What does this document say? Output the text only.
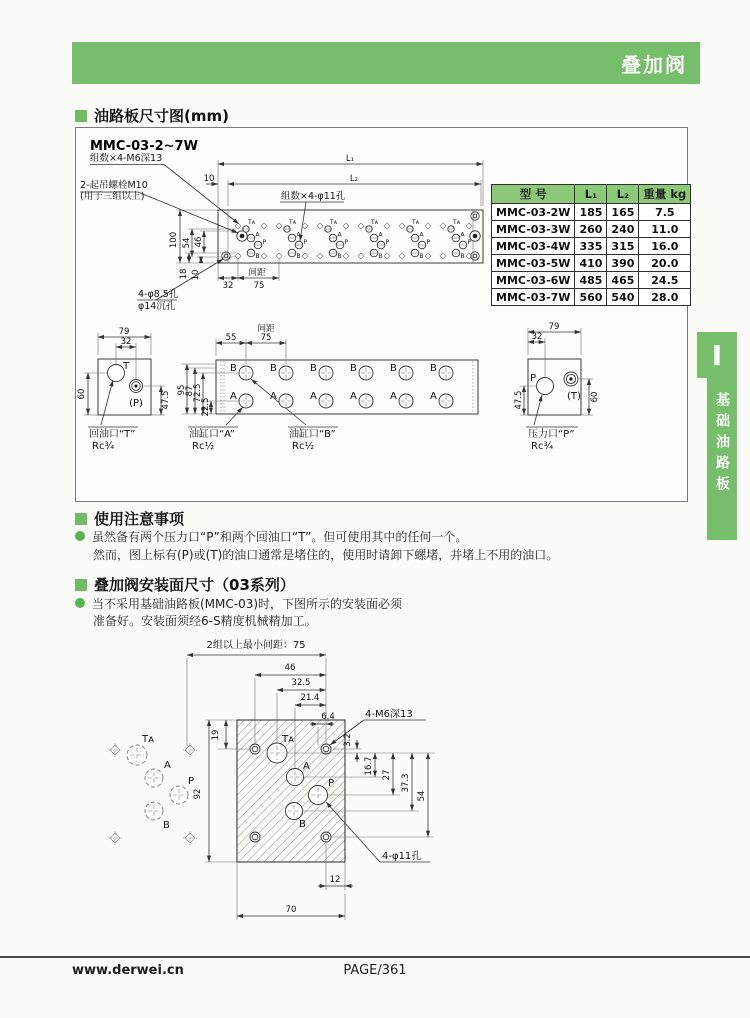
叠加阀
油路板尺寸图(mm)
MMC-03-2~7W
Tᴀ
A
P
B
L₁
L₂
10
组数×4-M6深13
2-起吊螺栓M10
(用于三组以上)	组数×4-φ11孔
100 54 46
18 10
32
间距
75
4-φ8.5孔
φ14沉孔
79
32
60	47.5
T
(P)
回油口“T”
Rc¾
B
A
间距
55	75
95
87
72.5
22.5
油缸口“A”
Rc½
油缸口“B”
Rc½
79
32
47.5	60
P
(T)
压力口“P”
Rc¾
Tᴀ
A
P
B
Tᴀ
A
P
B
Tᴀ
A
P
B
Tᴀ
A
P
B
Tᴀ
A
P
B
B
A
B
A
B
A
B
A
B
A
型 号	L₁	L₂	重量 kg
MMC-03-2W	185	165	7.5
MMC-03-3W	260	240	11.0
MMC-03-4W	335	315	16.0
MMC-03-5W	410	390	20.0
MMC-03-6W	485	465	24.5
MMC-03-7W	560	540	28.0
I
基础油路板
使用注意事项
虽然备有两个压力口“P”和两个回油口“T”。但可使用其中的任何一个。
然而，图上标有(P)或(T)的油口通常是堵住的，使用时请卸下螺堵，并堵上不用的油口。
叠加阀安装面尺寸（03系列）
当不采用基础油路板(MMC-03)时，下图所示的安装面必须
准备好。安装面须经6-S精度机械精加工。
2组以上最小间距：75
46
32.5
21.4
6.4	4-M6深13
92
19	3.2
16.7 27 37.3
54
4-φ11孔
12
70
Tᴀ
A
P
B
Tᴀ
A
P
B
www.derwei.cn	PAGE/361
